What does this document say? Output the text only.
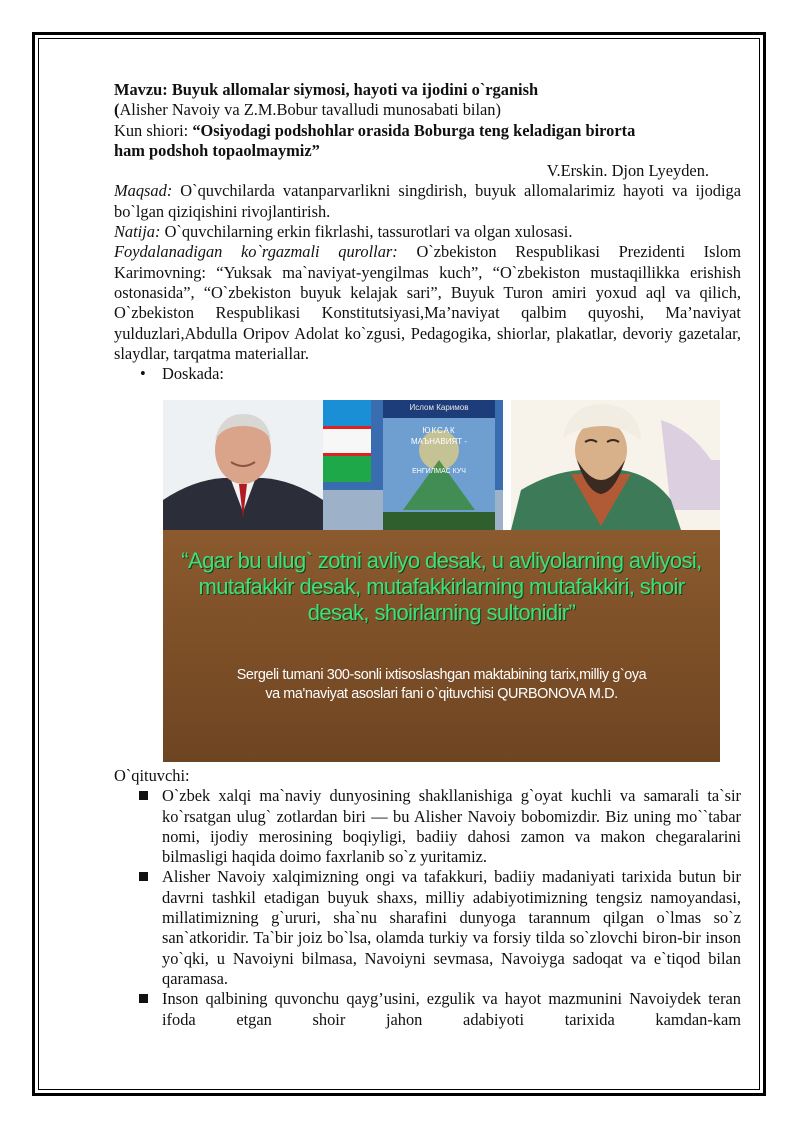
Mavzu: Buyuk allomalar siymosi, hayoti va ijodini o`rganish

(Alisher Navoiy va Z.M.Bobur tavalludi munosabati bilan)

Kun shiori: “Osiyodagi podshohlar orasida Boburga teng keladigan birorta

ham podshoh topaolmaymiz”

V.Erskin. Djon Lyeyden.

Maqsad: O`quvchilarda vatanparvarlikni singdirish, buyuk allomalarimiz hayoti va ijodiga bo`lgan qiziqishini rivojlantirish.

Natija: O`quvchilarning erkin fikrlashi, tassurotlari va olgan xulosasi.

Foydalanadigan ko`rgazmali qurollar: O`zbekiston Respublikasi Prezidenti Islom Karimovning: “Yuksak ma`naviyat-yengilmas kuch”, “O`zbekiston mustaqillikka erishish ostonasida”, “O`zbekiston buyuk kelajak sari”, Buyuk Turon amiri yoxud aql va qilich, O`zbekiston Respublikasi Konstitutsiyasi,Ma’naviyat qalbim quyoshi, Ma’naviyat yulduzlari,Abdulla Oripov Adolat ko`zgusi, Pedagogika, shiorlar, plakatlar, devoriy gazetalar, slaydlar, tarqatma materiallar.

• Doskada:

Ислом Каримов
ЮКСАК
МАЪНАВИЯТ -
ЕНГИЛМАС КУЧ
“Agar bu ulug` zotni avliyo desak, u avliyolarning avliyosi, mutafakkir desak, mutafakkirlarning mutafakkiri, shoir desak, shoirlarning sultonidir”
Sergeli tumani 300-sonli ixtisoslashgan maktabining tarix,milliy g`oya
va ma'naviyat asoslari fani o`qituvchisi QURBONOVA M.D.

O`qituvchi:

O`zbek xalqi ma`naviy dunyosining shakllanishiga g`oyat kuchli va samarali ta`sir ko`rsatgan ulug` zotlardan biri — bu Alisher Navoiy bobomizdir. Biz uning mo``tabar nomi, ijodiy merosining boqiyligi, badiiy dahosi zamon va makon chegaralarini bilmasligi haqida doimo faxrlanib so`z yuritamiz.

Alisher Navoiy xalqimizning ongi va tafakkuri, badiiy madaniyati tarixida butun bir davrni tashkil etadigan buyuk shaxs, milliy adabiyotimizning tengsiz namoyandasi, millatimizning g`ururi, sha`nu sharafini dunyoga tarannum qilgan o`lmas so`z san`atkoridir. Ta`bir joiz bo`lsa, olamda turkiy va forsiy tilda so`zlovchi biron-bir inson yo`qki, u Navoiyni bilmasa, Navoiyni sevmasa, Navoiyga sadoqat va e`tiqod bilan qaramasa.

Inson qalbining quvonchu qayg’usini, ezgulik va hayot mazmunini Navoiydek teran ifoda etgan shoir jahon adabiyoti tarixida kamdan-kam
